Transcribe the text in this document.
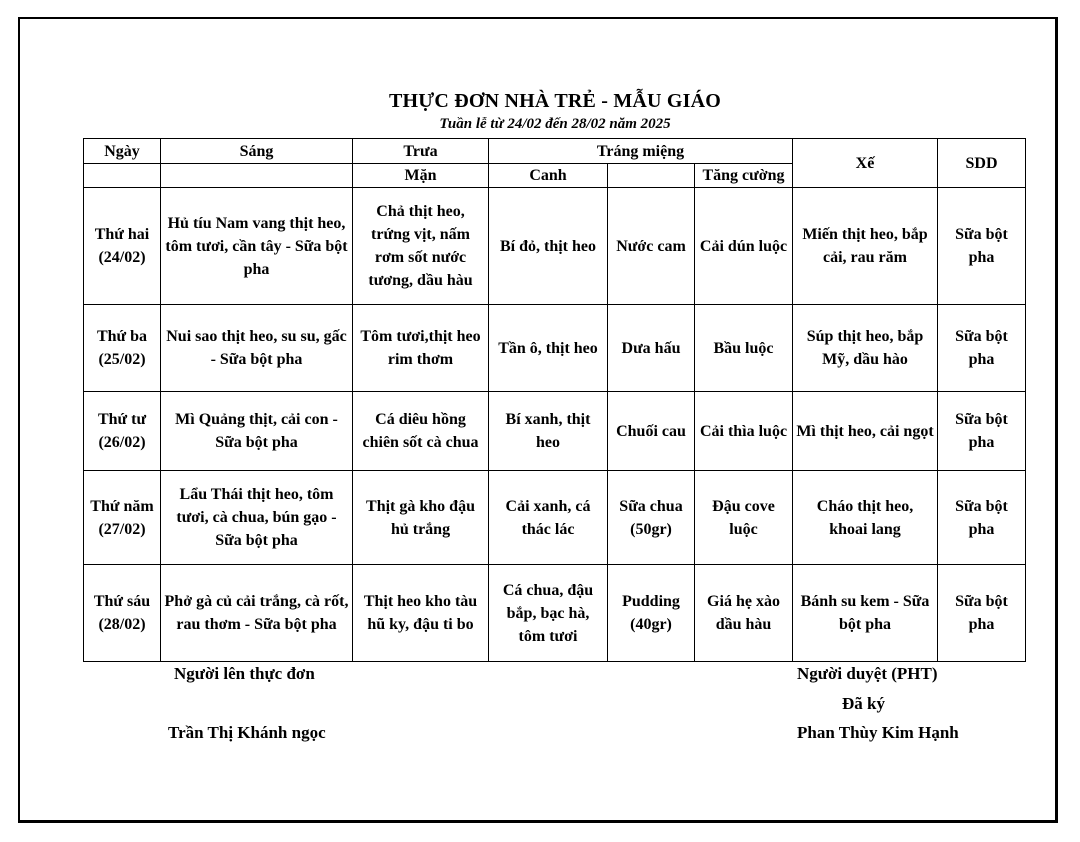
THỰC ĐƠN NHÀ TRẺ - MẪU GIÁO
Tuần lễ từ 24/02 đến 28/02 năm 2025
Ngày	Sáng	Trưa	Tráng miệng			Xế	SDD
		Mặn	Canh		Tăng cường		
Thứ hai (24/02)	Hủ tíu Nam vang thịt heo, tôm tươi, cần tây - Sữa bột pha	Chả thịt heo, trứng vịt, nấm rơm sốt nước tương, dầu hàu	Bí đỏ, thịt heo	Nước cam	Cải dún luộc	Miến thịt heo, bắp cải, rau răm	Sữa bột pha
Thứ ba (25/02)	Nui sao thịt heo, su su, gấc - Sữa bột pha	Tôm tươi,thịt heo rim thơm	Tần ô, thịt heo	Dưa hấu	Bầu luộc	Súp thịt heo, bắp Mỹ, dầu hào	Sữa bột pha
Thứ tư (26/02)	Mì Quảng thịt, cải con - Sữa bột pha	Cá diêu hồng chiên sốt cà chua	Bí xanh, thịt heo	Chuối cau	Cải thìa luộc	Mì thịt heo, cải ngọt	Sữa bột pha
Thứ năm (27/02)	Lẩu Thái thịt heo, tôm tươi, cà chua, bún gạo - Sữa bột pha	Thịt gà kho đậu hủ trắng	Cải xanh, cá thác lác	Sữa chua (50gr)	Đậu cove luộc	Cháo thịt heo, khoai lang	Sữa bột pha
Thứ sáu (28/02)	Phở gà củ cải trắng, cà rốt, rau thơm - Sữa bột pha	Thịt heo kho tàu hũ ky, đậu ti bo	Cá chua, đậu bắp, bạc hà, tôm tươi	Pudding (40gr)	Giá hẹ xào dầu hàu	Bánh su kem - Sữa bột pha	Sữa bột pha
Người lên thực đơn
Trần Thị Khánh ngọc
Người duyệt (PHT)
Đã ký
Phan Thùy Kim Hạnh
